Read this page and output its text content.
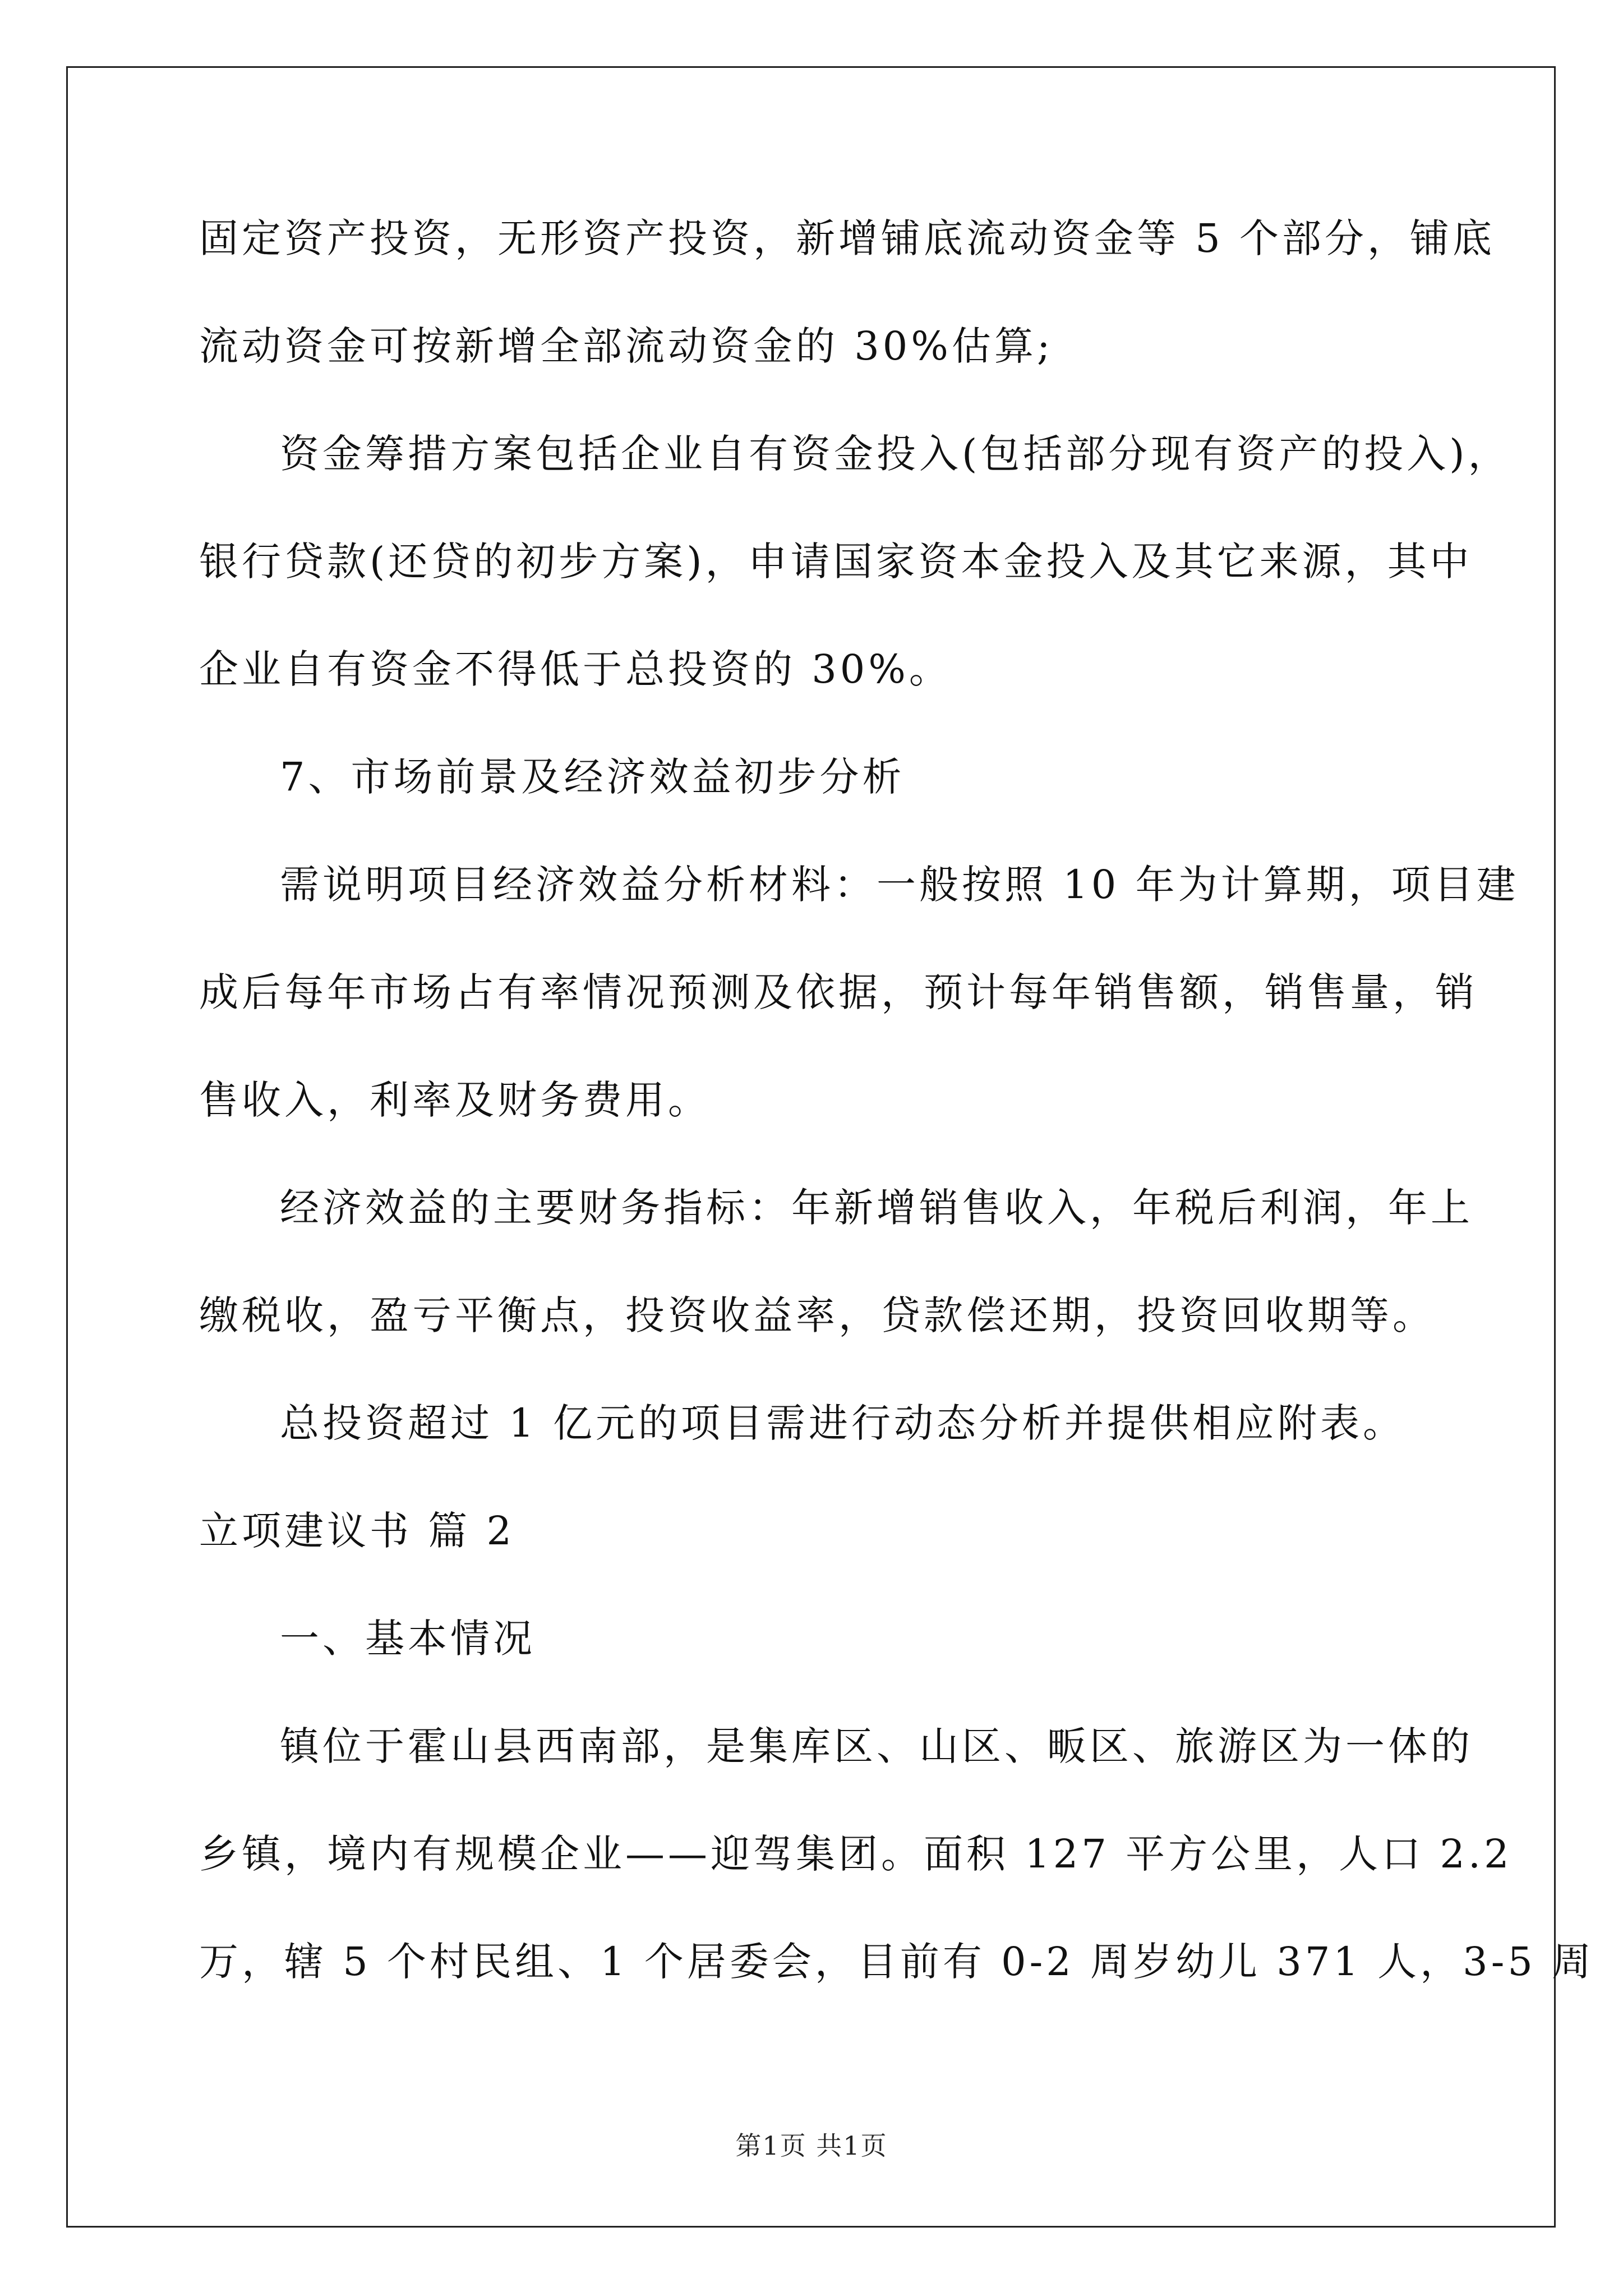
固定资产投资，无形资产投资，新增铺底流动资金等 5 个部分，铺底
流动资金可按新增全部流动资金的 30%估算;
资金筹措方案包括企业自有资金投入(包括部分现有资产的投入)，
银行贷款(还贷的初步方案)，申请国家资本金投入及其它来源，其中
企业自有资金不得低于总投资的 30%。
7、市场前景及经济效益初步分析
需说明项目经济效益分析材料：一般按照 10 年为计算期，项目建
成后每年市场占有率情况预测及依据，预计每年销售额，销售量，销
售收入，利率及财务费用。
经济效益的主要财务指标：年新增销售收入，年税后利润，年上
缴税收，盈亏平衡点，投资收益率，贷款偿还期，投资回收期等。
总投资超过 1 亿元的项目需进行动态分析并提供相应附表。
立项建议书 篇 2
一、基本情况
镇位于霍山县西南部，是集库区、山区、畈区、旅游区为一体的
乡镇，境内有规模企业——迎驾集团。面积 127 平方公里，人口 2.2
万，辖 5 个村民组、1 个居委会，目前有 0-2 周岁幼儿 371 人，3-5 周
第1页 共1页
